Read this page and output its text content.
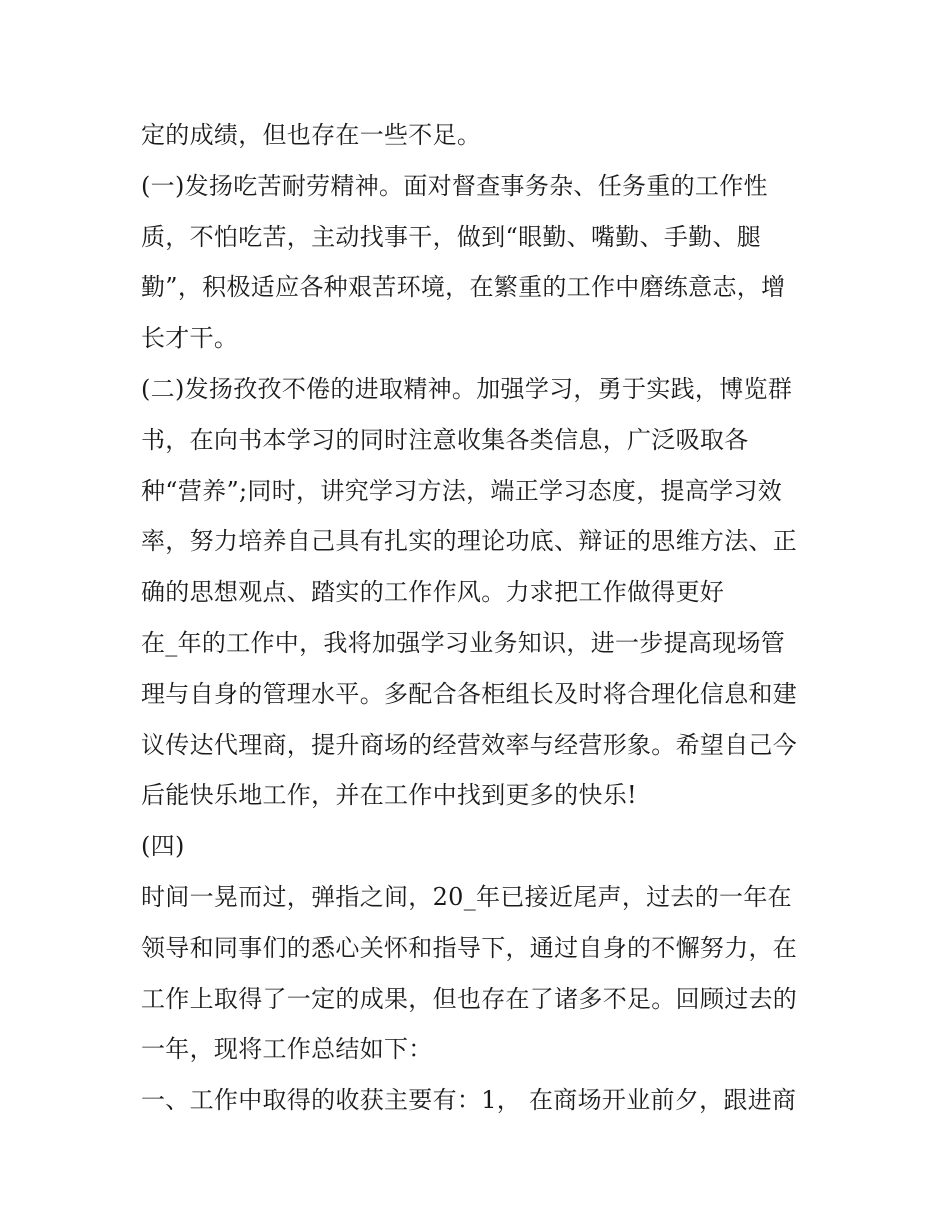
定的成绩，但也存在一些不足。
(一)发扬吃苦耐劳精神。面对督查事务杂、任务重的工作性
质，不怕吃苦，主动找事干，做到“眼勤、嘴勤、手勤、腿
勤”，积极适应各种艰苦环境，在繁重的工作中磨练意志，增
长才干。
(二)发扬孜孜不倦的进取精神。加强学习，勇于实践，博览群
书，在向书本学习的同时注意收集各类信息，广泛吸取各
种“营养”;同时，讲究学习方法，端正学习态度，提高学习效
率，努力培养自己具有扎实的理论功底、辩证的思维方法、正
确的思想观点、踏实的工作作风。力求把工作做得更好
在_年的工作中，我将加强学习业务知识，进一步提高现场管
理与自身的管理水平。多配合各柜组长及时将合理化信息和建
议传达代理商，提升商场的经营效率与经营形象。希望自己今
后能快乐地工作，并在工作中找到更多的快乐!
(四)
时间一晃而过，弹指之间，20_年已接近尾声，过去的一年在
领导和同事们的悉心关怀和指导下，通过自身的不懈努力，在
工作上取得了一定的成果，但也存在了诸多不足。回顾过去的
一年，现将工作总结如下：
一、工作中取得的收获主要有：1， 在商场开业前夕，跟进商
